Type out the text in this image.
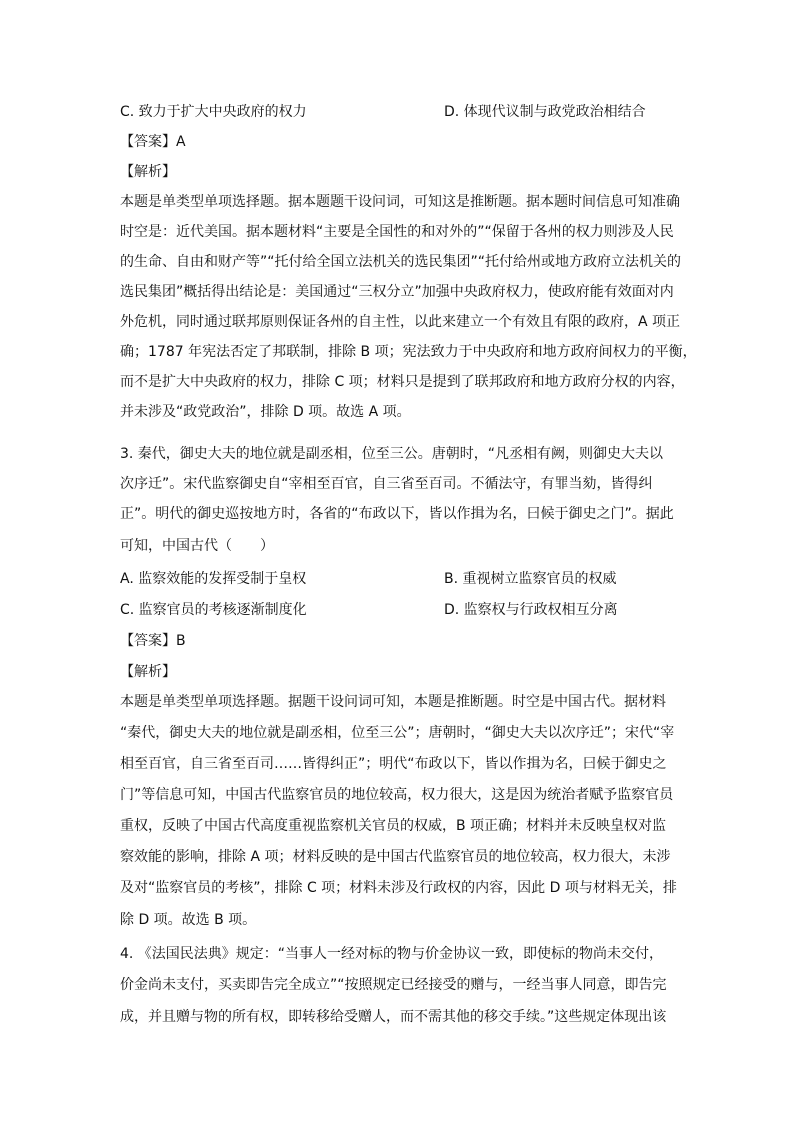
C. 致力于扩大中央政府的权力	D. 体现代议制与政党政治相结合
【答案】A
【解析】
本题是单类型单项选择题。据本题题干设问词，可知这是推断题。据本题时间信息可知准确
时空是：近代美国。据本题材料“主要是全国性的和对外的”“保留于各州的权力则涉及人民
的生命、自由和财产等”“托付给全国立法机关的选民集团”“托付给州或地方政府立法机关的
选民集团”概括得出结论是：美国通过“三权分立”加强中央政府权力，使政府能有效面对内
外危机，同时通过联邦原则保证各州的自主性，以此来建立一个有效且有限的政府，A 项正
确；1787 年宪法否定了邦联制，排除 B 项；宪法致力于中央政府和地方政府间权力的平衡，
而不是扩大中央政府的权力，排除 C 项；材料只是提到了联邦政府和地方政府分权的内容，
并未涉及“政党政治”，排除 D 项。故选 A 项。
3. 秦代，御史大夫的地位就是副丞相，位至三公。唐朝时，“凡丞相有阙，则御史大夫以
次序迁”。宋代监察御史自“宰相至百官，自三省至百司。不循法守，有罪当劾，皆得纠
正”。明代的御史巡按地方时，各省的“布政以下，皆以作揖为名，曰候于御史之门”。据此
可知，中国古代（　　）
A. 监察效能的发挥受制于皇权	B. 重视树立监察官员的权威
C. 监察官员的考核逐渐制度化	D. 监察权与行政权相互分离
【答案】B
【解析】
本题是单类型单项选择题。据题干设问词可知，本题是推断题。时空是中国古代。据材料
“秦代，御史大夫的地位就是副丞相，位至三公”；唐朝时，“御史大夫以次序迁”；宋代“宰
相至百官，自三省至百司……皆得纠正”；明代“布政以下，皆以作揖为名，曰候于御史之
门”等信息可知，中国古代监察官员的地位较高，权力很大，这是因为统治者赋予监察官员
重权，反映了中国古代高度重视监察机关官员的权威，B 项正确；材料并未反映皇权对监
察效能的影响，排除 A 项；材料反映的是中国古代监察官员的地位较高，权力很大，未涉
及对“监察官员的考核”，排除 C 项；材料未涉及行政权的内容，因此 D 项与材料无关，排
除 D 项。故选 B 项。
4. 《法国民法典》规定：“当事人一经对标的物与价金协议一致，即使标的物尚未交付，
价金尚未支付，买卖即告完全成立”“按照规定已经接受的赠与，一经当事人同意，即告完
成，并且赠与物的所有权，即转移给受赠人，而不需其他的移交手续。”这些规定体现出该
